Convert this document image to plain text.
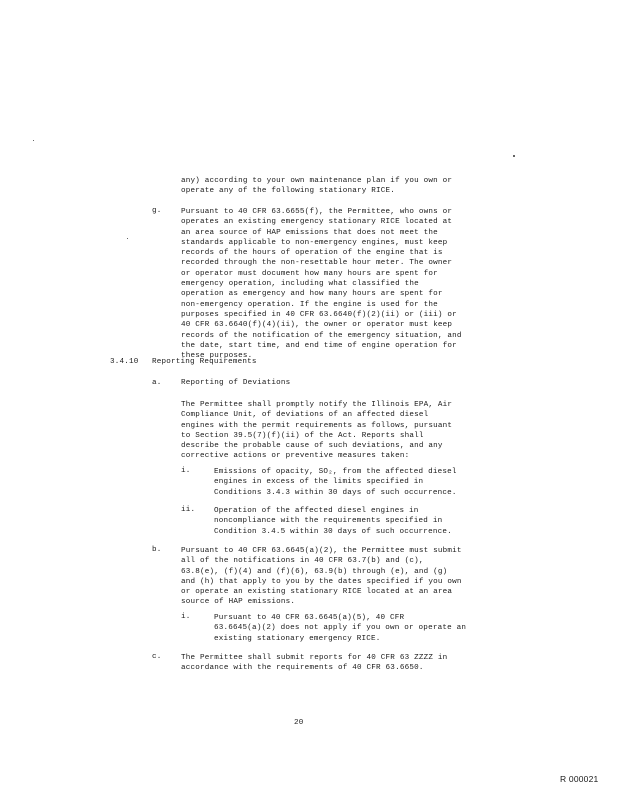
any) according to your own maintenance plan if you own or
operate any of the following stationary RICE.

g.	Pursuant to 40 CFR 63.6655(f), the Permittee, who owns or
operates an existing emergency stationary RICE located at
an area source of HAP emissions that does not meet the
standards applicable to non-emergency engines, must keep
records of the hours of operation of the engine that is
recorded through the non-resettable hour meter. The owner
or operator must document how many hours are spent for
emergency operation, including what classified the
operation as emergency and how many hours are spent for
non-emergency operation. If the engine is used for the
purposes specified in 40 CFR 63.6640(f)(2)(ii) or (iii) or
40 CFR 63.6640(f)(4)(ii), the owner or operator must keep
records of the notification of the emergency situation, and
the date, start time, and end time of engine operation for
these purposes.

3.4.10 Reporting Requirements
a.	Reporting of Deviations

The Permittee shall promptly notify the Illinois EPA, Air
Compliance Unit, of deviations of an affected diesel
engines with the permit requirements as follows, pursuant
to Section 39.5(7)(f)(ii) of the Act. Reports shall
describe the probable cause of such deviations, and any
corrective actions or preventive measures taken:

i.	Emissions of opacity, SO₂, from the affected diesel
engines in excess of the limits specified in
Conditions 3.4.3 within 30 days of such occurrence.

ii. Operation of the affected diesel engines in
noncompliance with the requirements specified in
Condition 3.4.5 within 30 days of such occurrence.

b.	Pursuant to 40 CFR 63.6645(a)(2), the Permittee must submit
all of the notifications in 40 CFR 63.7(b) and (c),
63.8(e), (f)(4) and (f)(6), 63.9(b) through (e), and (g)
and (h) that apply to you by the dates specified if you own
or operate an existing stationary RICE located at an area
source of HAP emissions.

i.	Pursuant to 40 CFR 63.6645(a)(5), 40 CFR
63.6645(a)(2) does not apply if you own or operate an
existing stationary emergency RICE.

c.	The Permittee shall submit reports for 40 CFR 63 ZZZZ in
accordance with the requirements of 40 CFR 63.6650.

20
R 000021
